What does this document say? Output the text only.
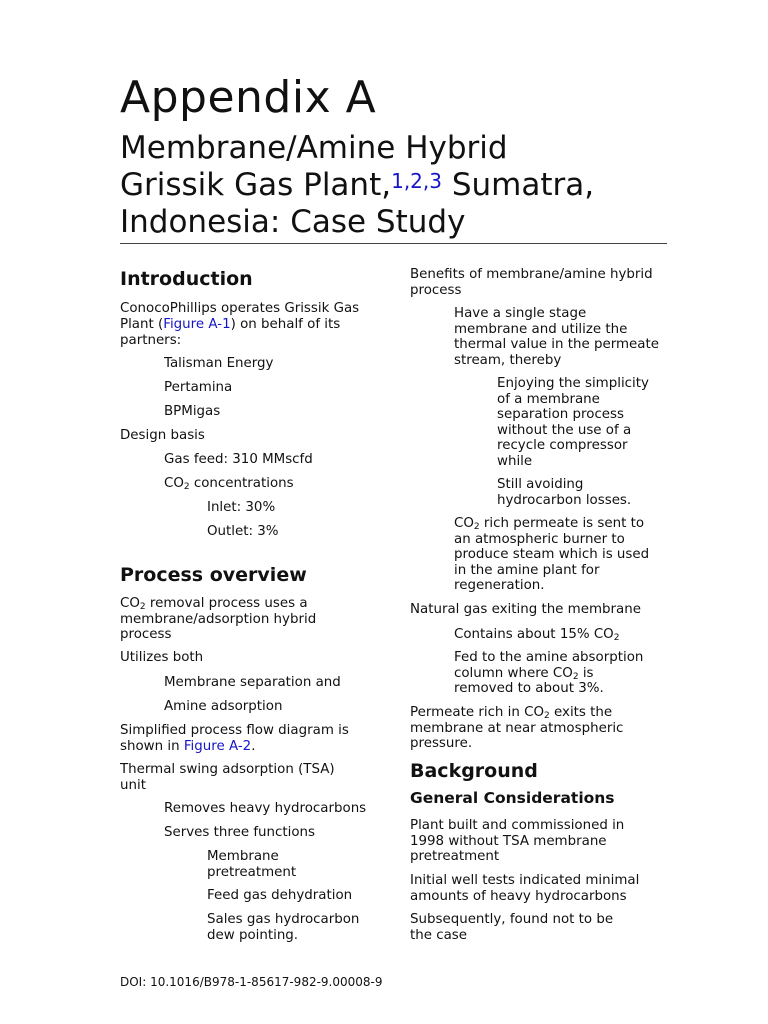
Appendix A
Membrane/Amine Hybrid
Grissik Gas Plant,$^{1,2,3}$ Sumatra,
Indonesia: Case Study
Introduction

ConocoPhillips operates Grissik Gas
Plant (Figure A-1) on behalf of its
partners:

Talisman Energy

Pertamina

BPMigas

Design basis

Gas feed: 310 MMscfd

$CO_2$ concentrations

Inlet: 30%

Outlet: 3%

Process overview

$CO_2$ removal process uses a
membrane/adsorption hybrid
process

Utilizes both

Membrane separation and

Amine adsorption

Simplified process flow diagram is
shown in Figure A-2.

Thermal swing adsorption (TSA)
unit

Removes heavy hydrocarbons

Serves three functions

Membrane
pretreatment

Feed gas dehydration

Sales gas hydrocarbon
dew pointing.

Benefits of membrane/amine hybrid
process

Have a single stage
membrane and utilize the
thermal value in the permeate
stream, thereby

Enjoying the simplicity
of a membrane
separation process
without the use of a
recycle compressor
while

Still avoiding
hydrocarbon losses.

$CO_2$ rich permeate is sent to
an atmospheric burner to
produce steam which is used
in the amine plant for
regeneration.

Natural gas exiting the membrane

Contains about 15% $CO_2$

Fed to the amine absorption
column where $CO_2$ is
removed to about 3%.

Permeate rich in $CO_2$ exits the
membrane at near atmospheric
pressure.

Background
General Considerations

Plant built and commissioned in
1998 without TSA membrane
pretreatment

Initial well tests indicated minimal
amounts of heavy hydrocarbons

Subsequently, found not to be
the case

DOI: 10.1016/B978-1-85617-982-9.00008-9
